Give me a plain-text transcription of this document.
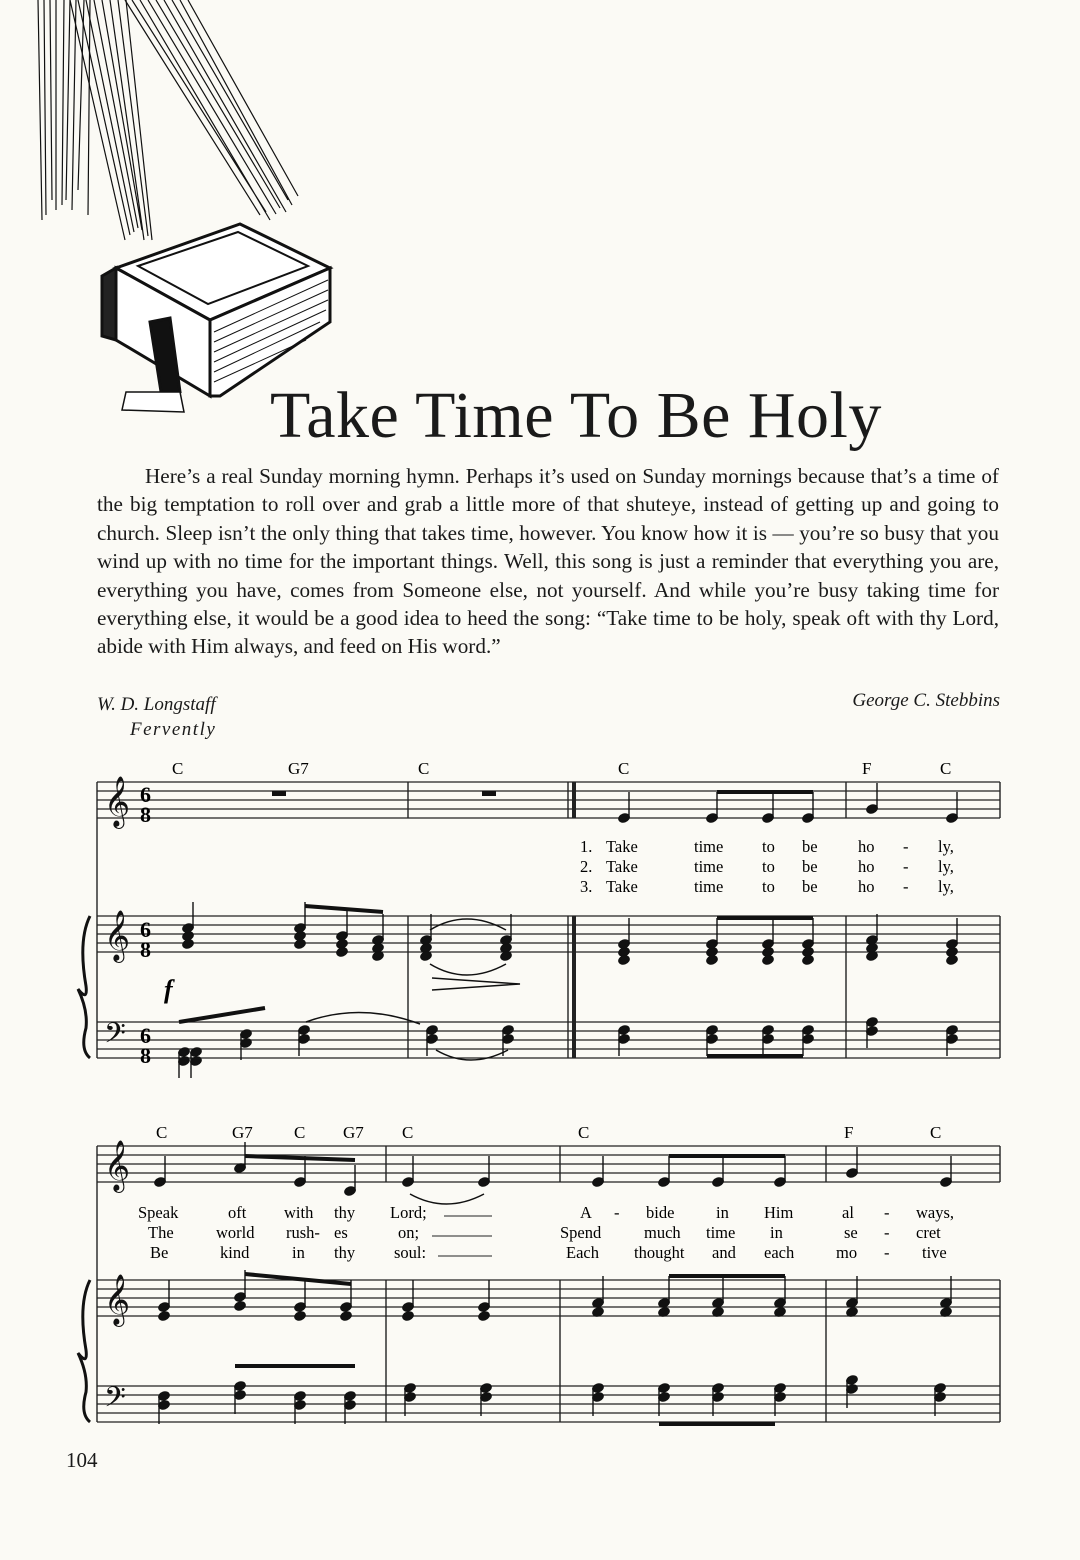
Take Time To Be Holy

Here’s a real Sunday morning hymn. Perhaps it’s used on Sunday mornings because that’s a time of the big temptation to roll over and grab a little more of that shuteye, instead of getting up and going to church. Sleep isn’t the only thing that takes time, however. You know how it is — you’re so busy that you wind up with no time for the important things. Well, this song is just a reminder that everything you are, everything you have, comes from Someone else, not yourself. And while you’re busy taking time for everything else, it would be a good idea to heed the song: “Take time to be holy, speak oft with thy Lord, abide with Him always, and feed on His word.”

W. D. Longstaff	George C. Stebbins
Fervently
𝄞
𝄞
𝄞
𝄞
𝄢
𝄢
C	G7	C	C	F	C
1. Take	time to be ho - ly,
2. Take	time to be ho - ly,
3. Take	time to be ho - ly,
6
8
6
8
6
8
f
C	G7 C G7 C	C	F	C
Speak	oft with thy Lord;	A - bide	in Him	al - ways,
The	world rush- es	on;	Spend	much time in	se - cret
Be	kind	in thy soul:	Each thought and each	mo - tive
104
